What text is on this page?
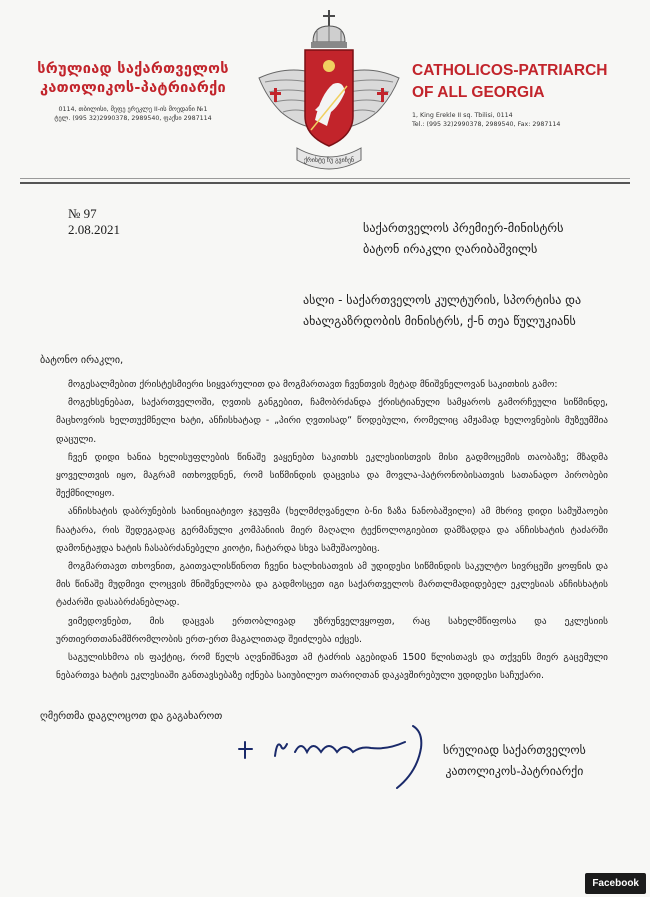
სრულიად საქართველოს
კათოლიკოს-პატრიარქი
0114, თბილისი, მეფე ერეკლე II-ის მოედანი №1
ტელ. (995 32)2990378, 2989540, ფაქსი 2987114
ქრისტე ჩუ გვიჩენ
CATHOLICOS-PATRIARCH
OF ALL GEORGIA
1, King Erekle II sq. Tbilisi, 0114
Tel.: (995 32)2990378, 2989540, Fax: 2987114
№ 97
2.08.2021	საქართველოს პრემიერ-მინისტრს
ბატონ ირაკლი ღარიბაშვილს
ასლი - საქართველოს კულტურის, სპორტისა და
ახალგაზრდობის მინისტრს, ქ-ნ თეა წულუკიანს
ბატონო ირაკლი,

მოგესალმებით ქრისტესმიერი სიყვარულით და მოგმართავთ ჩვენთვის მეტად მნიშვნელოვან საკითხის გამო:

მოგეხსენებათ, საქართველოში, ღვთის განგებით, ჩამობრძანდა ქრისტიანული სამყაროს გამორჩეული სიწმინდე, მაცხოვრის ხელთუქმნელი ხატი, ანჩისხატად - „პირი ღვთისად“ წოდებული, რომელიც ამჟამად ხელოვნების მუზეუმშია დაცული.

ჩვენ დიდი ხანია ხელისუფლების წინაშე ვაყენებთ საკითხს ეკლესიისთვის მისი გადმოცემის თაობაზე; მზადმა ყოველთვის იყო, მაგრამ ითხოვდნენ, რომ სიწმინდის დაცვისა და მოვლა-პატრონობისათვის სათანადო პირობები შექმნილიყო.

ანჩისხატის დაბრუნების საინიციატივო ჯგუფმა (ხელმძღვანელი ბ-ნი ზაზა ნანობაშვილი) ამ მხრივ დიდი სამუშაოები ჩაატარა, რის შედეგადაც გერმანული კომპანიის მიერ მაღალი ტექნოლოგიებით დამზადდა და ანჩისხატის ტაძარში დამონტაჟდა ხატის ჩასაბრძანებელი კიოტი, ჩატარდა სხვა სამუშაოებიც.

მოგმართავთ თხოვნით, გაითვალისწინოთ ჩვენი ხალხისათვის ამ უდიდესი სიწმინდის საკულტო სივრცეში ყოფნის და მის წინაშე მუდმივი ლოცვის მნიშვნელობა და გადმოსცეთ იგი საქართველოს მართლმადიდებელ ეკლესიას ანჩისხატის ტაძარში დასაბრძანებლად.

ვიმედოვნებთ, მის დაცვას ერთობლივად უზრუნველვყოფთ, რაც სახელმწიფოსა და ეკლესიის ურთიერთთანამშრომლობის ერთ-ერთ მაგალითად შეიძლება იქცეს.

საგულისხმოა ის ფაქტიც, რომ წელს აღვნიშნავთ ამ ტაძრის აგებიდან 1500 წლისთავს და თქვენს მიერ გაცემული ნებართვა ხატის ეკლესიაში განთავსებაზე იქნება საიუბილეო თარიღთან დაკავშირებული უდიდესი საჩუქარი.

ღმერთმა დაგლოცოთ და გაგახაროთ
სრულიად საქართველოს
კათოლიკოს-პატრიარქი
Facebook
